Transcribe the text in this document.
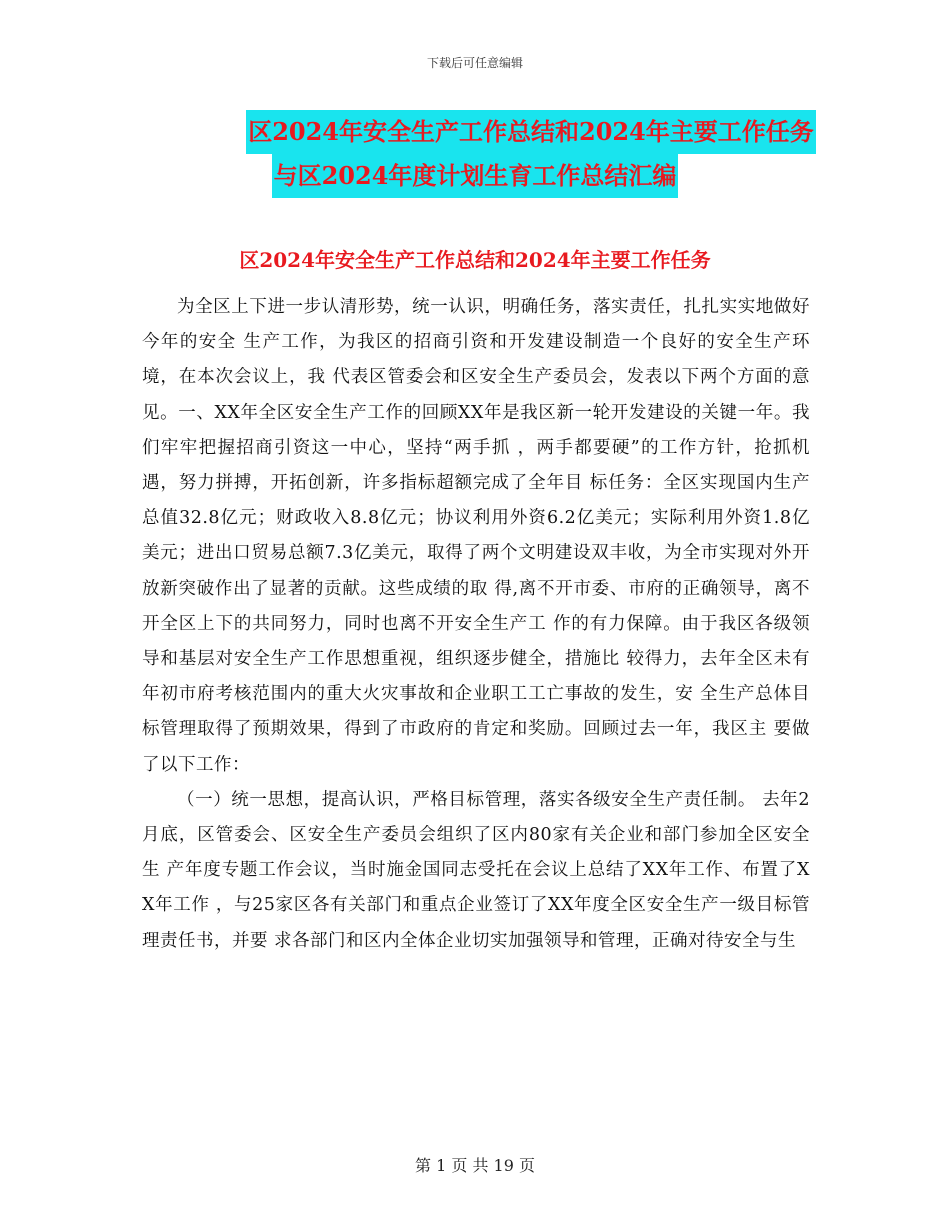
下载后可任意编辑
区2024年安全生产工作总结和2024年主要工作任务
与区2024年度计划生育工作总结汇编
区2024年安全生产工作总结和2024年主要工作任务

为全区上下进一步认清形势，统一认识，明确任务，落实责任，扎扎实实地做好今年的安全 生产工作，为我区的招商引资和开发建设制造一个良好的安全生产环境，在本次会议上，我 代表区管委会和区安全生产委员会，发表以下两个方面的意见。一、XX年全区安全生产工作的回顾XX年是我区新一轮开发建设的关键一年。我们牢牢把握招商引资这一中心，坚持“两手抓 ，两手都要硬”的工作方针，抢抓机遇，努力拼搏，开拓创新，许多指标超额完成了全年目 标任务：全区实现国内生产总值32.8亿元；财政收入8.8亿元；协议利用外资6.2亿美元；实际利用外资1.8亿美元；进出口贸易总额7.3亿美元，取得了两个文明建设双丰收，为全市实现对外开放新突破作出了显著的贡献。这些成绩的取 得,离不开市委、市府的正确领导，离不开全区上下的共同努力，同时也离不开安全生产工 作的有力保障。由于我区各级领导和基层对安全生产工作思想重视，组织逐步健全，措施比 较得力，去年全区未有年初市府考核范围内的重大火灾事故和企业职工工亡事故的发生，安 全生产总体目标管理取得了预期效果，得到了市政府的肯定和奖励。回顾过去一年，我区主 要做了以下工作：

（一）统一思想，提高认识，严格目标管理，落实各级安全生产责任制。 去年2月底，区管委会、区安全生产委员会组织了区内80家有关企业和部门参加全区安全生 产年度专题工作会议，当时施金国同志受托在会议上总结了XX年工作、布置了XX年工作 ，与25家区各有关部门和重点企业签订了XX年度全区安全生产一级目标管理责任书，并要 求各部门和区内全体企业切实加强领导和管理，正确对待安全与生

第 1 页 共 19 页
